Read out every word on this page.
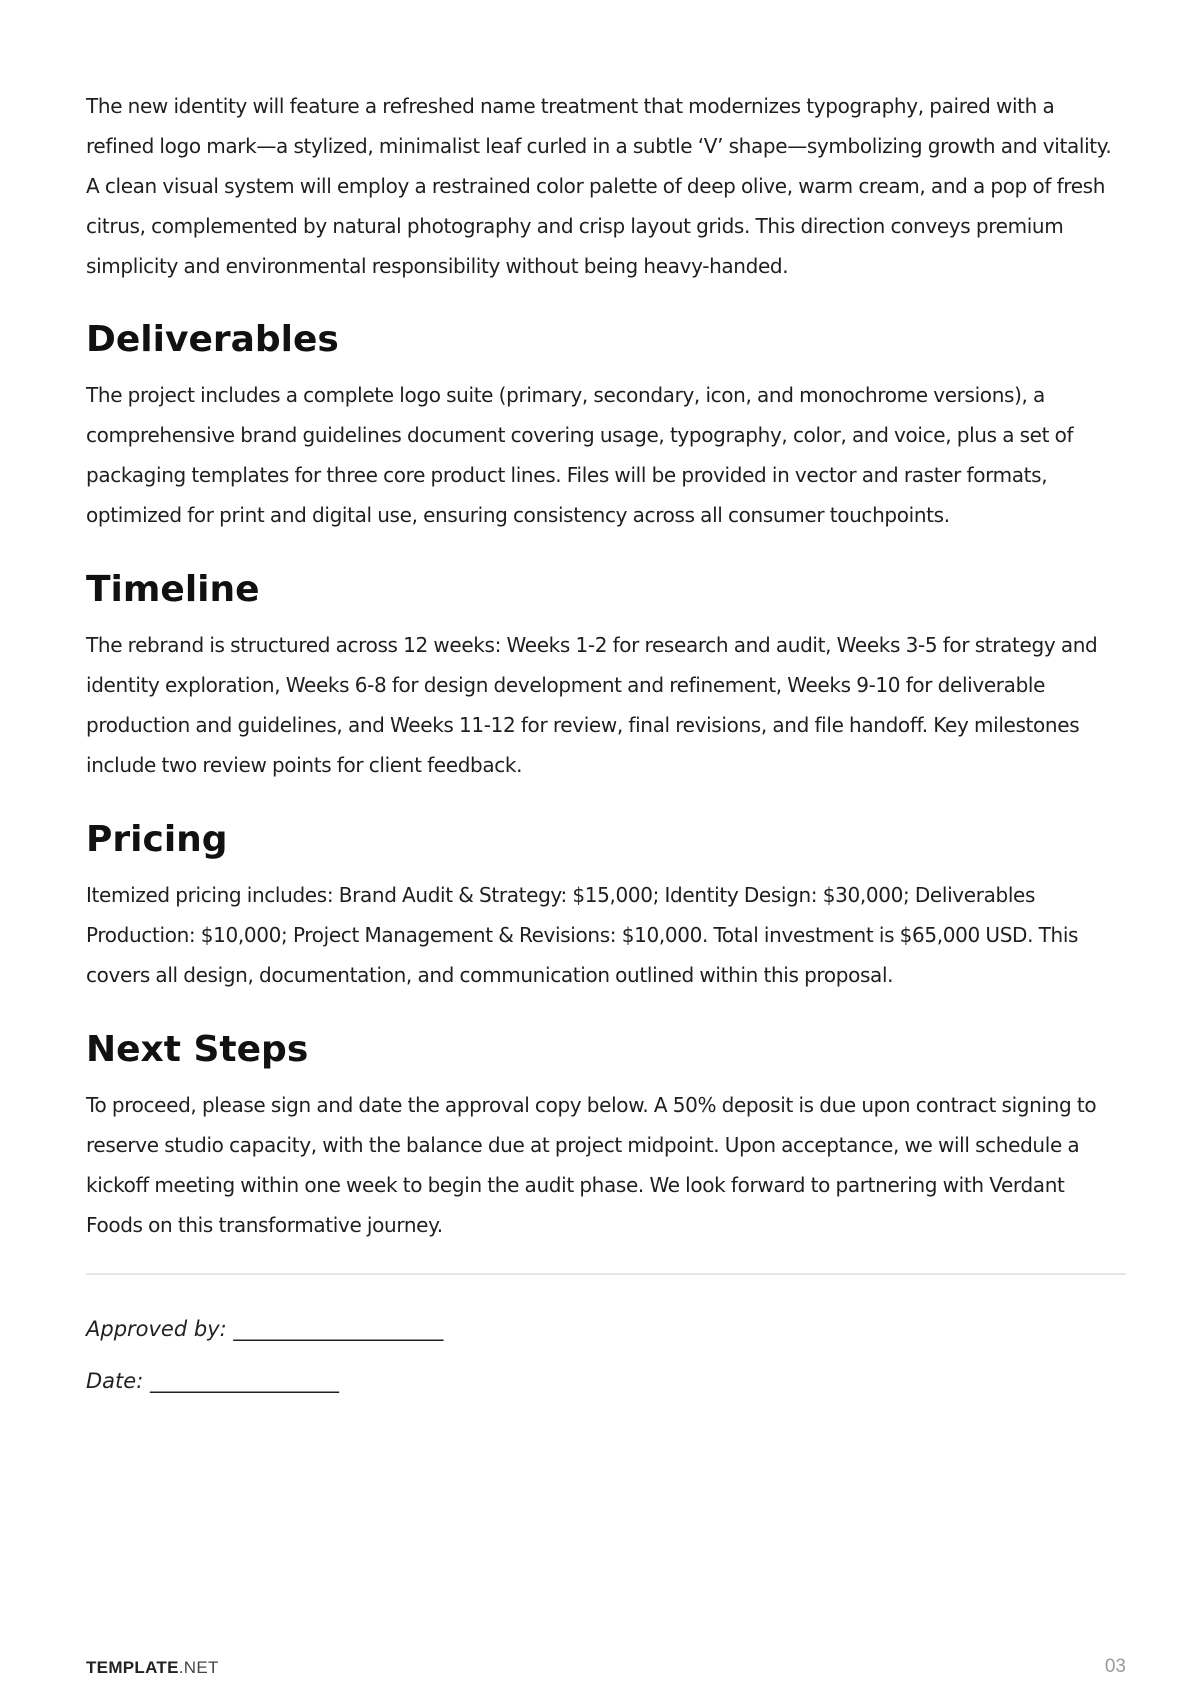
The new identity will feature a refreshed name treatment that modernizes typography, paired with a refined logo mark—a stylized, minimalist leaf curled in a subtle ‘V’ shape—symbolizing growth and vitality. A clean visual system will employ a restrained color palette of deep olive, warm cream, and a pop of fresh citrus, complemented by natural photography and crisp layout grids. This direction conveys premium simplicity and environmental responsibility without being heavy-handed.

Deliverables

The project includes a complete logo suite (primary, secondary, icon, and monochrome versions), a comprehensive brand guidelines document covering usage, typography, color, and voice, plus a set of packaging templates for three core product lines. Files will be provided in vector and raster formats, optimized for print and digital use, ensuring consistency across all consumer touchpoints.

Timeline

The rebrand is structured across 12 weeks: Weeks 1-2 for research and audit, Weeks 3-5 for strategy and identity exploration, Weeks 6-8 for design development and refinement, Weeks 9-10 for deliverable production and guidelines, and Weeks 11-12 for review, final revisions, and file handoff. Key milestones include two review points for client feedback.

Pricing

Itemized pricing includes: Brand Audit & Strategy: $15,000; Identity Design: $30,000; Deliverables Production: $10,000; Project Management & Revisions: $10,000. Total investment is $65,000 USD. This covers all design, documentation, and communication outlined within this proposal.

Next Steps

To proceed, please sign and date the approval copy below. A 50% deposit is due upon contract signing to reserve studio capacity, with the balance due at project midpoint. Upon acceptance, we will schedule a kickoff meeting within one week to begin the audit phase. We look forward to partnering with Verdant Foods on this transformative journey.

Approved by: ____________________

Date: __________________

TEMPLATE.NET	03
